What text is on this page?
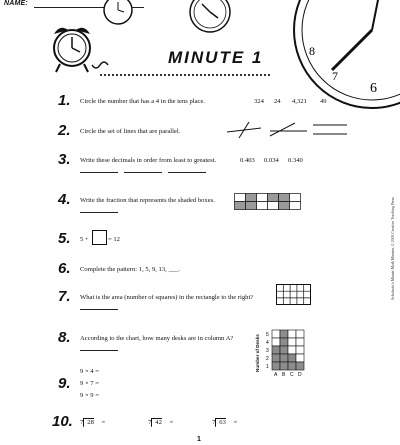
NAME:
6
7
8
MINUTE 1
1. Circle the number that has a 4 in the tens place.	324 24 4,321 49
2. Circle the set of lines that are parallel.
3. Write these decimals in order from least to greatest.	0.403 0.034 0.340
4. Write the fraction that represents the shaded boxes.
5. 5 +	= 12
6. Complete the pattern: 1, 5, 9, 13, ___.
7. What is the area (number of squares) in the rectangle to the right?
8. According to the chart, how many desks are in column A?	Number of Desks
A B C D
5
4
3
2
1
9.
9 × 4 =
9 × 7 =
9 × 9 =
10. 7 28 =	7 42 =	7 63 =
1
Scholastic's Minute Math Minutes, © 2003 Creative Teaching Press
